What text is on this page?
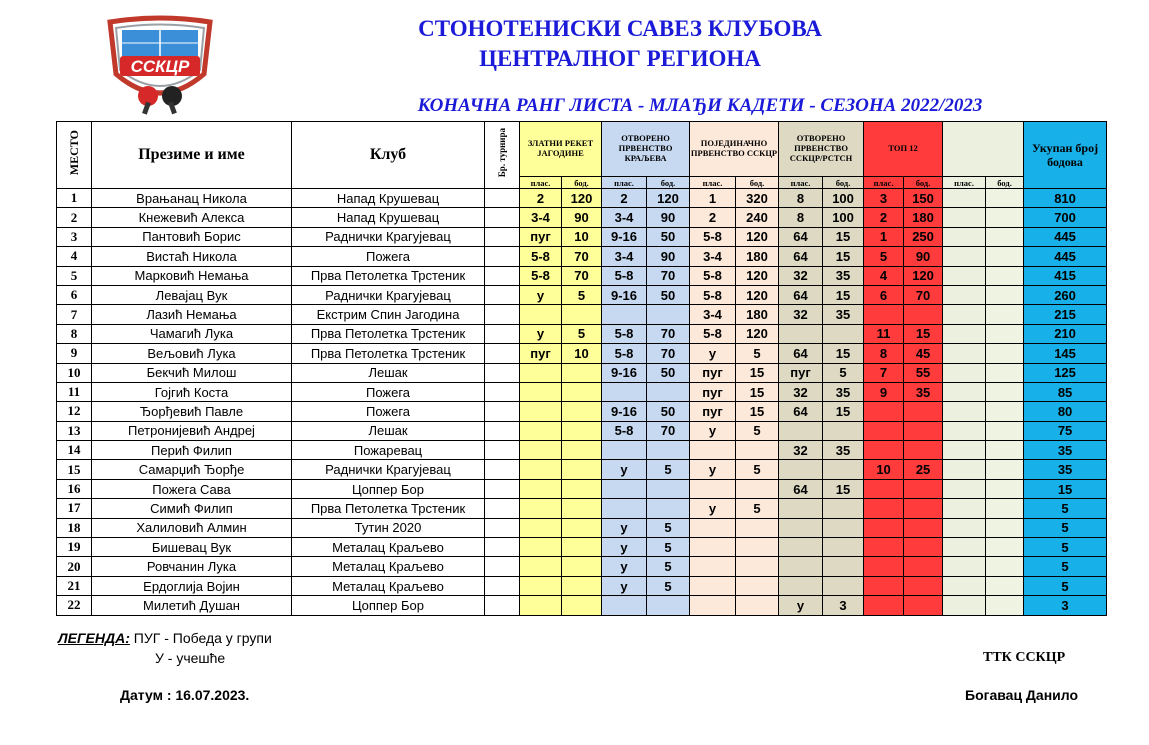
ССКЦР
СТОНОТЕНИСКИ САВЕЗ КЛУБОВА
ЦЕНТРАЛНОГ РЕГИОНА
КОНАЧНА РАНГ ЛИСТА - МЛАЂИ КАДЕТИ - СЕЗОНА 2022/2023
МЕСТО	Презиме и име	Клуб	Бр. турнира	ЗЛАТНИ РЕКЕТ ЈАГОДИНЕ		ОТВОРЕНО ПРВЕНСТВО КРАЉЕВА		ПОЈЕДИНАЧНО ПРВЕНСТВО ССКЦР		ОТВОРЕНО ПРВЕНСТВО ССКЦР/РСТСН		ТОП 12				Укупан број бодова
				плас.	бод.	плас.	бод.	плас.	бод.	плас.	бод.	плас.	бод.	плас.	бод.	
1	Врањанац Никола	Напад Крушевац		2	120	2	120	1	320	8	100	3	150			810
2	Кнежевић Алекса	Напад Крушевац		3-4	90	3-4	90	2	240	8	100	2	180			700
3	Пантовић Борис	Раднички Крагујевац		пуг	10	9-16	50	5-8	120	64	15	1	250			445
4	Вистаћ Никола	Пожега		5-8	70	3-4	90	3-4	180	64	15	5	90			445
5	Марковић Немања	Прва Петолетка Трстеник		5-8	70	5-8	70	5-8	120	32	35	4	120			415
6	Левајац Вук	Раднички Крагујевац		у	5	9-16	50	5-8	120	64	15	6	70			260
7	Лазић Немања	Екстрим Спин Јагодина						3-4	180	32	35					215
8	Чамагић Лука	Прва Петолетка Трстеник		у	5	5-8	70	5-8	120			11	15			210
9	Вељовић Лука	Прва Петолетка Трстеник		пуг	10	5-8	70	у	5	64	15	8	45			145
10	Бекчић Милош	Лешак				9-16	50	пуг	15	пуг	5	7	55			125
11	Гојгић Коста	Пожега						пуг	15	32	35	9	35			85
12	Ђорђевић Павле	Пожега				9-16	50	пуг	15	64	15					80
13	Петронијевић Андреј	Лешак				5-8	70	у	5							75
14	Перић Филип	Пожаревац								32	35					35
15	Самарџић Ђорђе	Раднички Крагујевац				у	5	у	5			10	25			35
16	Пожега Сава	Цоппер Бор								64	15					15
17	Симић Филип	Прва Петолетка Трстеник						у	5							5
18	Халиловић Алмин	Тутин 2020				у	5									5
19	Бишевац Вук	Металац Краљево				у	5									5
20	Ровчанин Лука	Металац Краљево				у	5									5
21	Ердоглија Војин	Металац Краљево				у	5									5
22	Милетић Душан	Цоппер Бор								у	3					3
ЛЕГЕНДА: ПУГ - Победа у групи
У - учешће	ТТК ССКЦР
Датум : 16.07.2023.	Богавац Данило
